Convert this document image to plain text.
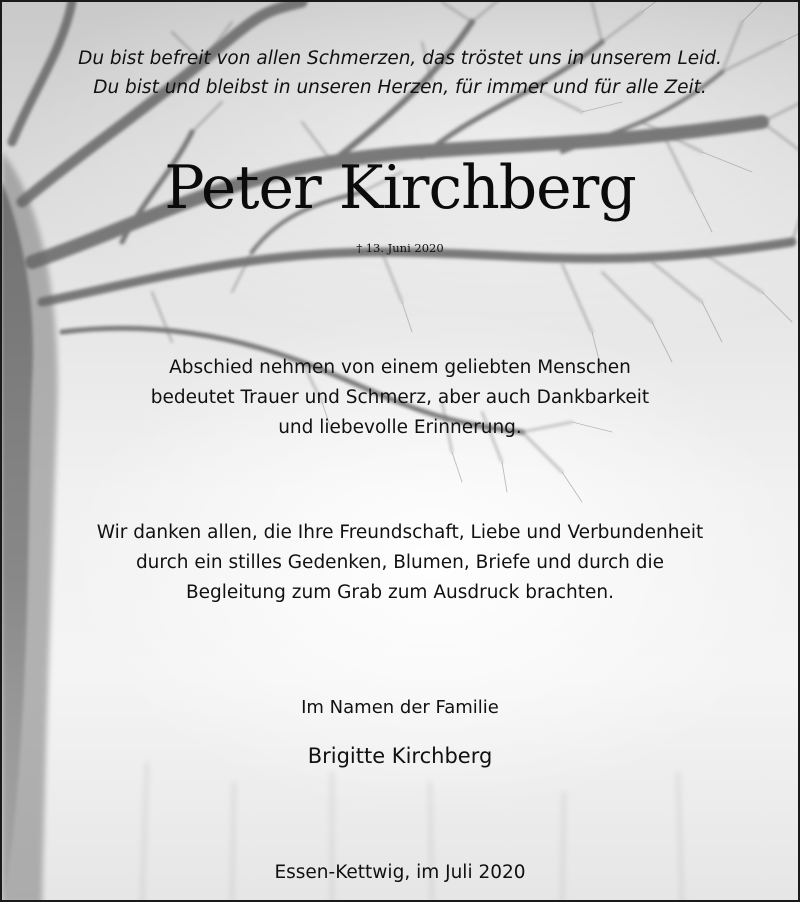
Du bist befreit von allen Schmerzen, das tröstet uns in unserem Leid.
Du bist und bleibst in unseren Herzen, für immer und für alle Zeit.
Peter Kirchberg
† 13. Juni 2020
Abschied nehmen von einem geliebten Menschen
bedeutet Trauer und Schmerz, aber auch Dankbarkeit
und liebevolle Erinnerung.
Wir danken allen, die Ihre Freundschaft, Liebe und Verbundenheit
durch ein stilles Gedenken, Blumen, Briefe und durch die
Begleitung zum Grab zum Ausdruck brachten.
Im Namen der Familie
Brigitte Kirchberg
Essen-Kettwig, im Juli 2020
